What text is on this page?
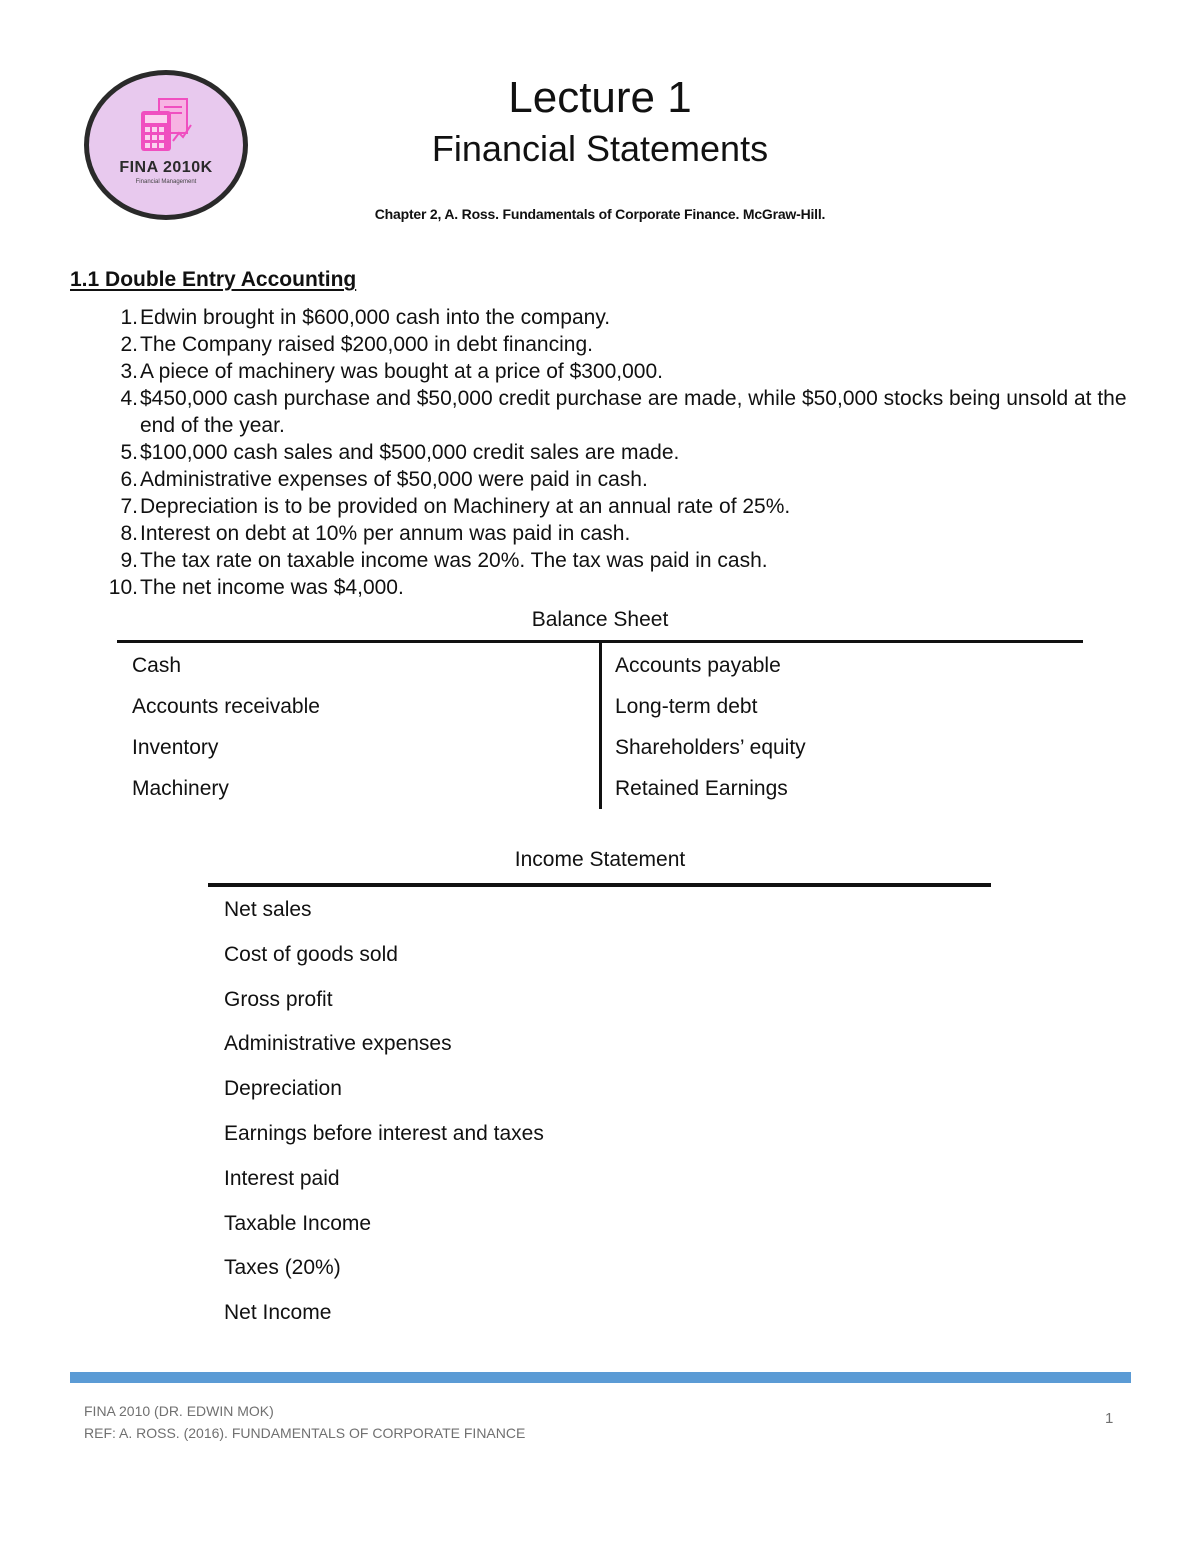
FINA 2010K
Financial Management
Lecture 1
Financial Statements
Chapter 2, A. Ross. Fundamentals of Corporate Finance. McGraw-Hill.
1.1 Double Entry Accounting
1. Edwin brought in $600,000 cash into the company.
2. The Company raised $200,000 in debt financing.
3. A piece of machinery was bought at a price of $300,000.
4. $450,000 cash purchase and $50,000 credit purchase are made, while $50,000 stocks being unsold at the end of the year.
5. $100,000 cash sales and $500,000 credit sales are made.
6. Administrative expenses of $50,000 were paid in cash.
7. Depreciation is to be provided on Machinery at an annual rate of 25%.
8. Interest on debt at 10% per annum was paid in cash.
9. The tax rate on taxable income was 20%. The tax was paid in cash.
10. The net income was $4,000.
Balance Sheet
Cash
Accounts receivable
Inventory
Machinery
Accounts payable
Long-term debt
Shareholders’ equity
Retained Earnings
Income Statement
Net sales
Cost of goods sold
Gross profit
Administrative expenses
Depreciation
Earnings before interest and taxes
Interest paid
Taxable Income
Taxes (20%)
Net Income
FINA 2010 (DR. EDWIN MOK)
REF: A. ROSS. (2016). FUNDAMENTALS OF CORPORATE FINANCE
1
